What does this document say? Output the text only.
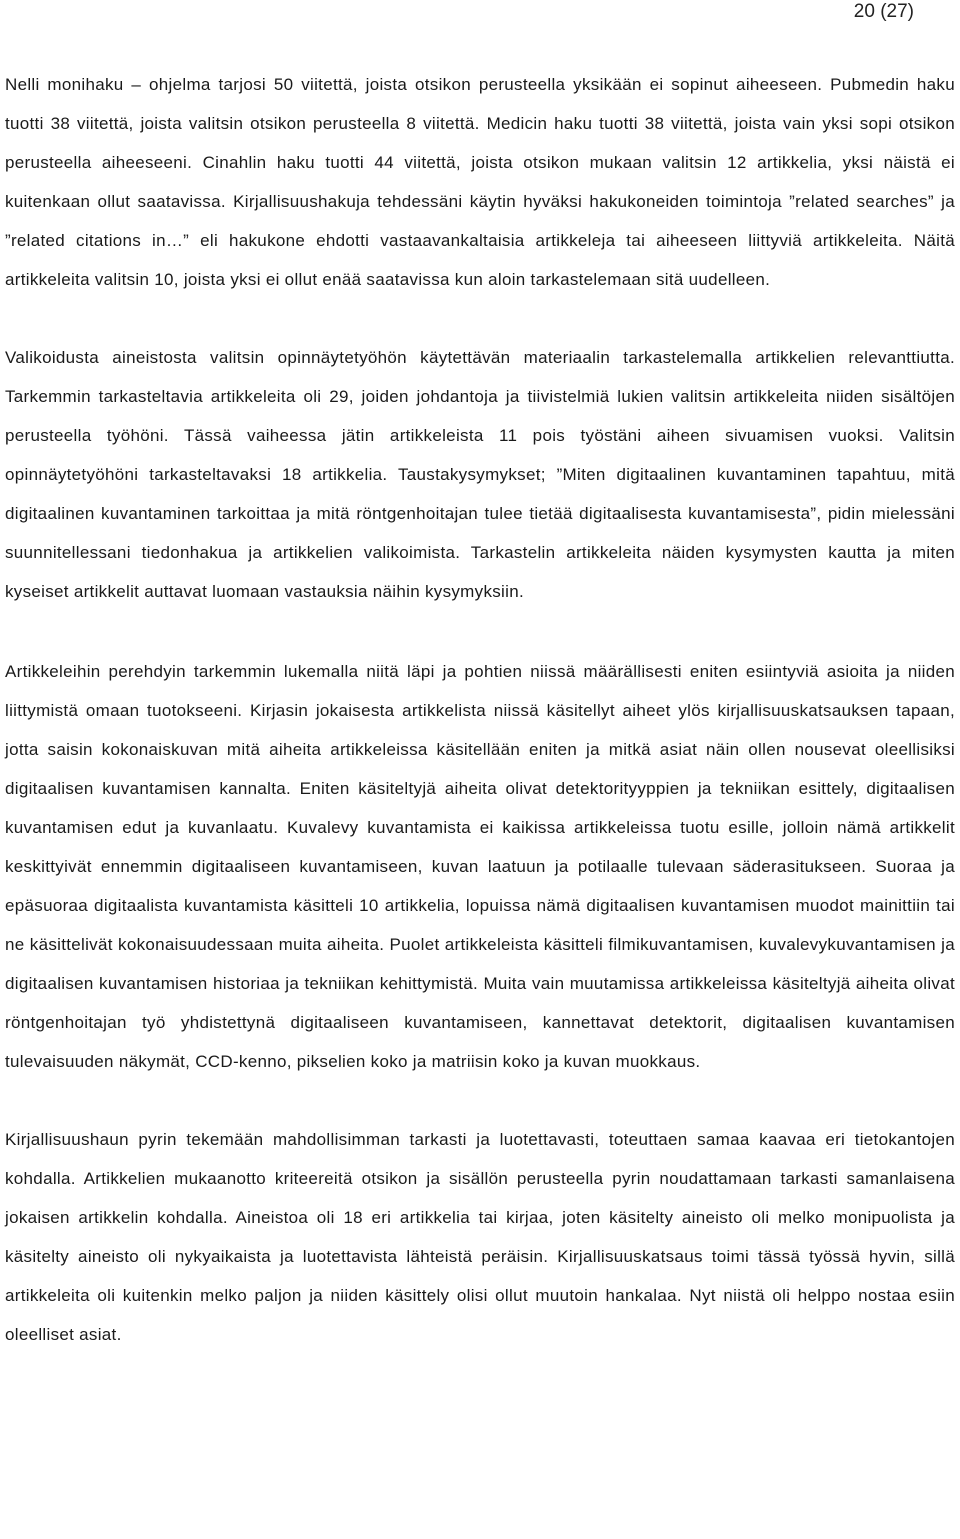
20 (27)

Nelli monihaku – ohjelma tarjosi 50 viitettä, joista otsikon perusteella yksikään ei sopinut aiheeseen. Pubmedin haku tuotti 38 viitettä, joista valitsin otsikon perusteella 8 viitettä. Medicin haku tuotti 38 viitettä, joista vain yksi sopi otsikon perusteella aiheeseeni. Cinahlin haku tuotti 44 viitettä, joista otsikon mukaan valitsin 12 artikkelia, yksi näistä ei kuitenkaan ollut saatavissa. Kirjallisuushakuja tehdessäni käytin hyväksi hakukoneiden toimintoja ”related searches” ja ”related citations in…” eli hakukone ehdotti vastaavankaltaisia artikkeleja tai aiheeseen liittyviä artikkeleita. Näitä artikkeleita valitsin 10, joista yksi ei ollut enää saatavissa kun aloin tarkastelemaan sitä uudelleen.

Valikoidusta aineistosta valitsin opinnäytetyöhön käytettävän materiaalin tarkastelemalla artikkelien relevanttiutta. Tarkemmin tarkasteltavia artikkeleita oli 29, joiden johdantoja ja tiivistelmiä lukien valitsin artikkeleita niiden sisältöjen perusteella työhöni. Tässä vaiheessa jätin artikkeleista 11 pois työstäni aiheen sivuamisen vuoksi. Valitsin opinnäytetyöhöni tarkasteltavaksi 18 artikkelia. Taustakysymykset; ”Miten digitaalinen kuvantaminen tapahtuu, mitä digitaalinen kuvantaminen tarkoittaa ja mitä röntgenhoitajan tulee tietää digitaalisesta kuvantamisesta”, pidin mielessäni suunnitellessani tiedonhakua ja artikkelien valikoimista. Tarkastelin artikkeleita näiden kysymysten kautta ja miten kyseiset artikkelit auttavat luomaan vastauksia näihin kysymyksiin.

Artikkeleihin perehdyin tarkemmin lukemalla niitä läpi ja pohtien niissä määrällisesti eniten esiintyviä asioita ja niiden liittymistä omaan tuotokseeni. Kirjasin jokaisesta artikkelista niissä käsitellyt aiheet ylös kirjallisuuskatsauksen tapaan, jotta saisin kokonaiskuvan mitä aiheita artikkeleissa käsitellään eniten ja mitkä asiat näin ollen nousevat oleellisiksi digitaalisen kuvantamisen kannalta. Eniten käsiteltyjä aiheita olivat detektorityyppien ja tekniikan esittely, digitaalisen kuvantamisen edut ja kuvanlaatu. Kuvalevy kuvantamista ei kaikissa artikkeleissa tuotu esille, jolloin nämä artikkelit keskittyivät ennemmin digitaaliseen kuvantamiseen, kuvan laatuun ja potilaalle tulevaan säderasitukseen. Suoraa ja epäsuoraa digitaalista kuvantamista käsitteli 10 artikkelia, lopuissa nämä digitaalisen kuvantamisen muodot mainittiin tai ne käsittelivät kokonaisuudessaan muita aiheita. Puolet artikkeleista käsitteli filmikuvantamisen, kuvalevykuvantamisen ja digitaalisen kuvantamisen historiaa ja tekniikan kehittymistä. Muita vain muutamissa artikkeleissa käsiteltyjä aiheita olivat röntgenhoitajan työ yhdistettynä digitaaliseen kuvantamiseen, kannettavat detektorit, digitaalisen kuvantamisen tulevaisuuden näkymät, CCD-kenno, pikselien koko ja matriisin koko ja kuvan muokkaus.

Kirjallisuushaun pyrin tekemään mahdollisimman tarkasti ja luotettavasti, toteuttaen samaa kaavaa eri tietokantojen kohdalla. Artikkelien mukaanotto kriteereitä otsikon ja sisällön perusteella pyrin noudattamaan tarkasti samanlaisena jokaisen artikkelin kohdalla. Aineistoa oli 18 eri artikkelia tai kirjaa, joten käsitelty aineisto oli melko monipuolista ja käsitelty aineisto oli nykyaikaista ja luotettavista lähteistä peräisin. Kirjallisuuskatsaus toimi tässä työssä hyvin, sillä artikkeleita oli kuitenkin melko paljon ja niiden käsittely olisi ollut muutoin hankalaa. Nyt niistä oli helppo nostaa esiin oleelliset asiat.
